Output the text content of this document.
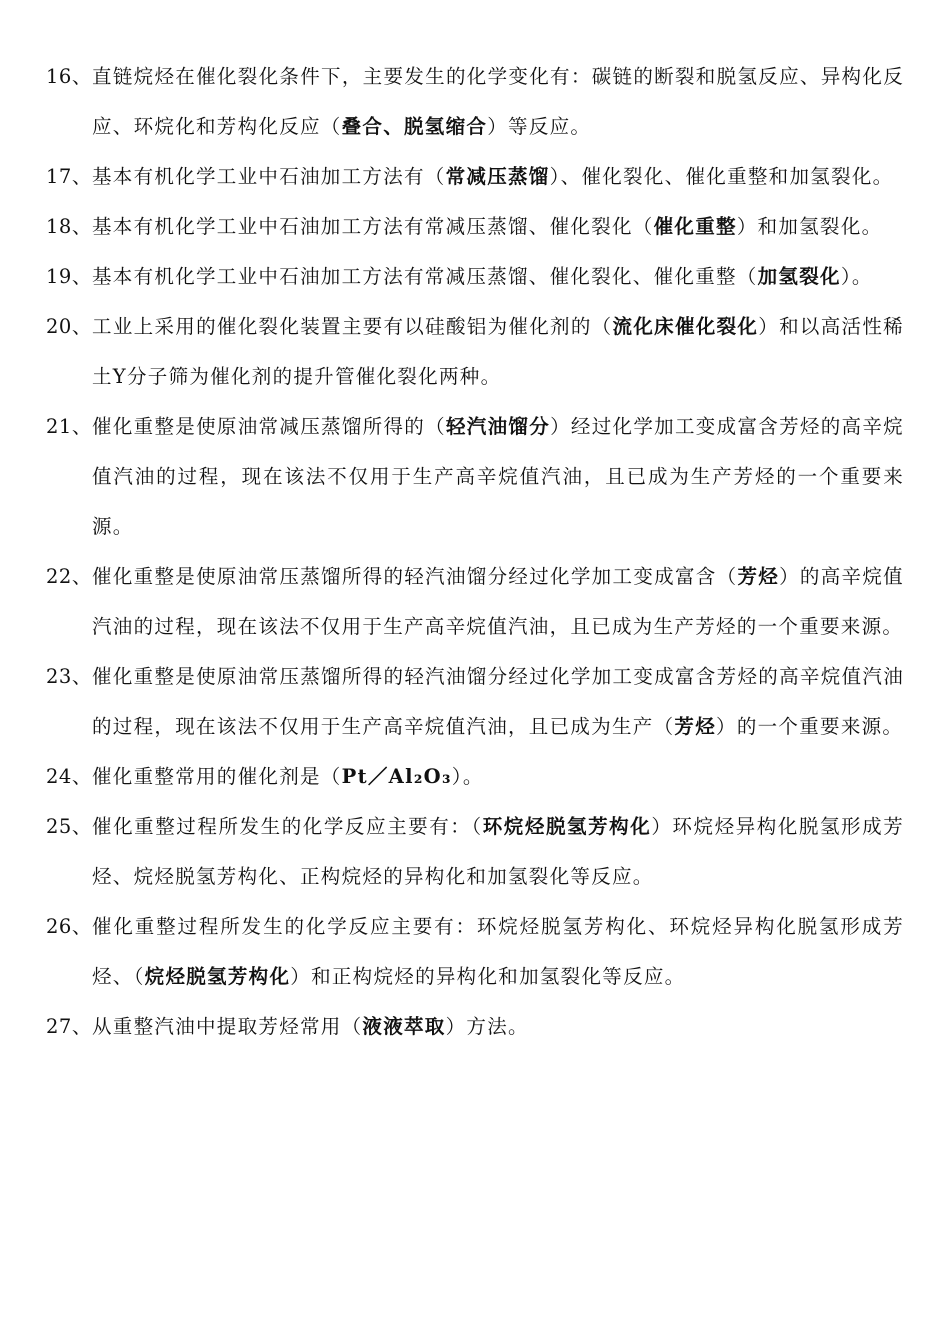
16、 直链烷烃在催化裂化条件下，主要发生的化学变化有：碳链的断裂和脱氢反应、异构化反应、环烷化和芳构化反应（叠合、脱氢缩合）等反应。
17、 基本有机化学工业中石油加工方法有（常减压蒸馏）、催化裂化、催化重整和加氢裂化。
18、 基本有机化学工业中石油加工方法有常减压蒸馏、催化裂化（催化重整）和加氢裂化。
19、 基本有机化学工业中石油加工方法有常减压蒸馏、催化裂化、催化重整（加氢裂化）。
20、 工业上采用的催化裂化装置主要有以硅酸铝为催化剂的（流化床催化裂化）和以高活性稀土Y分子筛为催化剂的提升管催化裂化两种。
21、 催化重整是使原油常减压蒸馏所得的（轻汽油馏分）经过化学加工变成富含芳烃的高辛烷值汽油的过程，现在该法不仅用于生产高辛烷值汽油，且已成为生产芳烃的一个重要来源。
22、 催化重整是使原油常压蒸馏所得的轻汽油馏分经过化学加工变成富含（芳烃）的高辛烷值汽油的过程，现在该法不仅用于生产高辛烷值汽油，且已成为生产芳烃的一个重要来源。
23、 催化重整是使原油常压蒸馏所得的轻汽油馏分经过化学加工变成富含芳烃的高辛烷值汽油的过程，现在该法不仅用于生产高辛烷值汽油，且已成为生产（芳烃）的一个重要来源。
24、 催化重整常用的催化剂是（Pt／Al₂O₃）。
25、 催化重整过程所发生的化学反应主要有：（环烷烃脱氢芳构化）环烷烃异构化脱氢形成芳烃、烷烃脱氢芳构化、正构烷烃的异构化和加氢裂化等反应。
26、 催化重整过程所发生的化学反应主要有：环烷烃脱氢芳构化、环烷烃异构化脱氢形成芳烃、（烷烃脱氢芳构化）和正构烷烃的异构化和加氢裂化等反应。
27、 从重整汽油中提取芳烃常用（液液萃取）方法。
